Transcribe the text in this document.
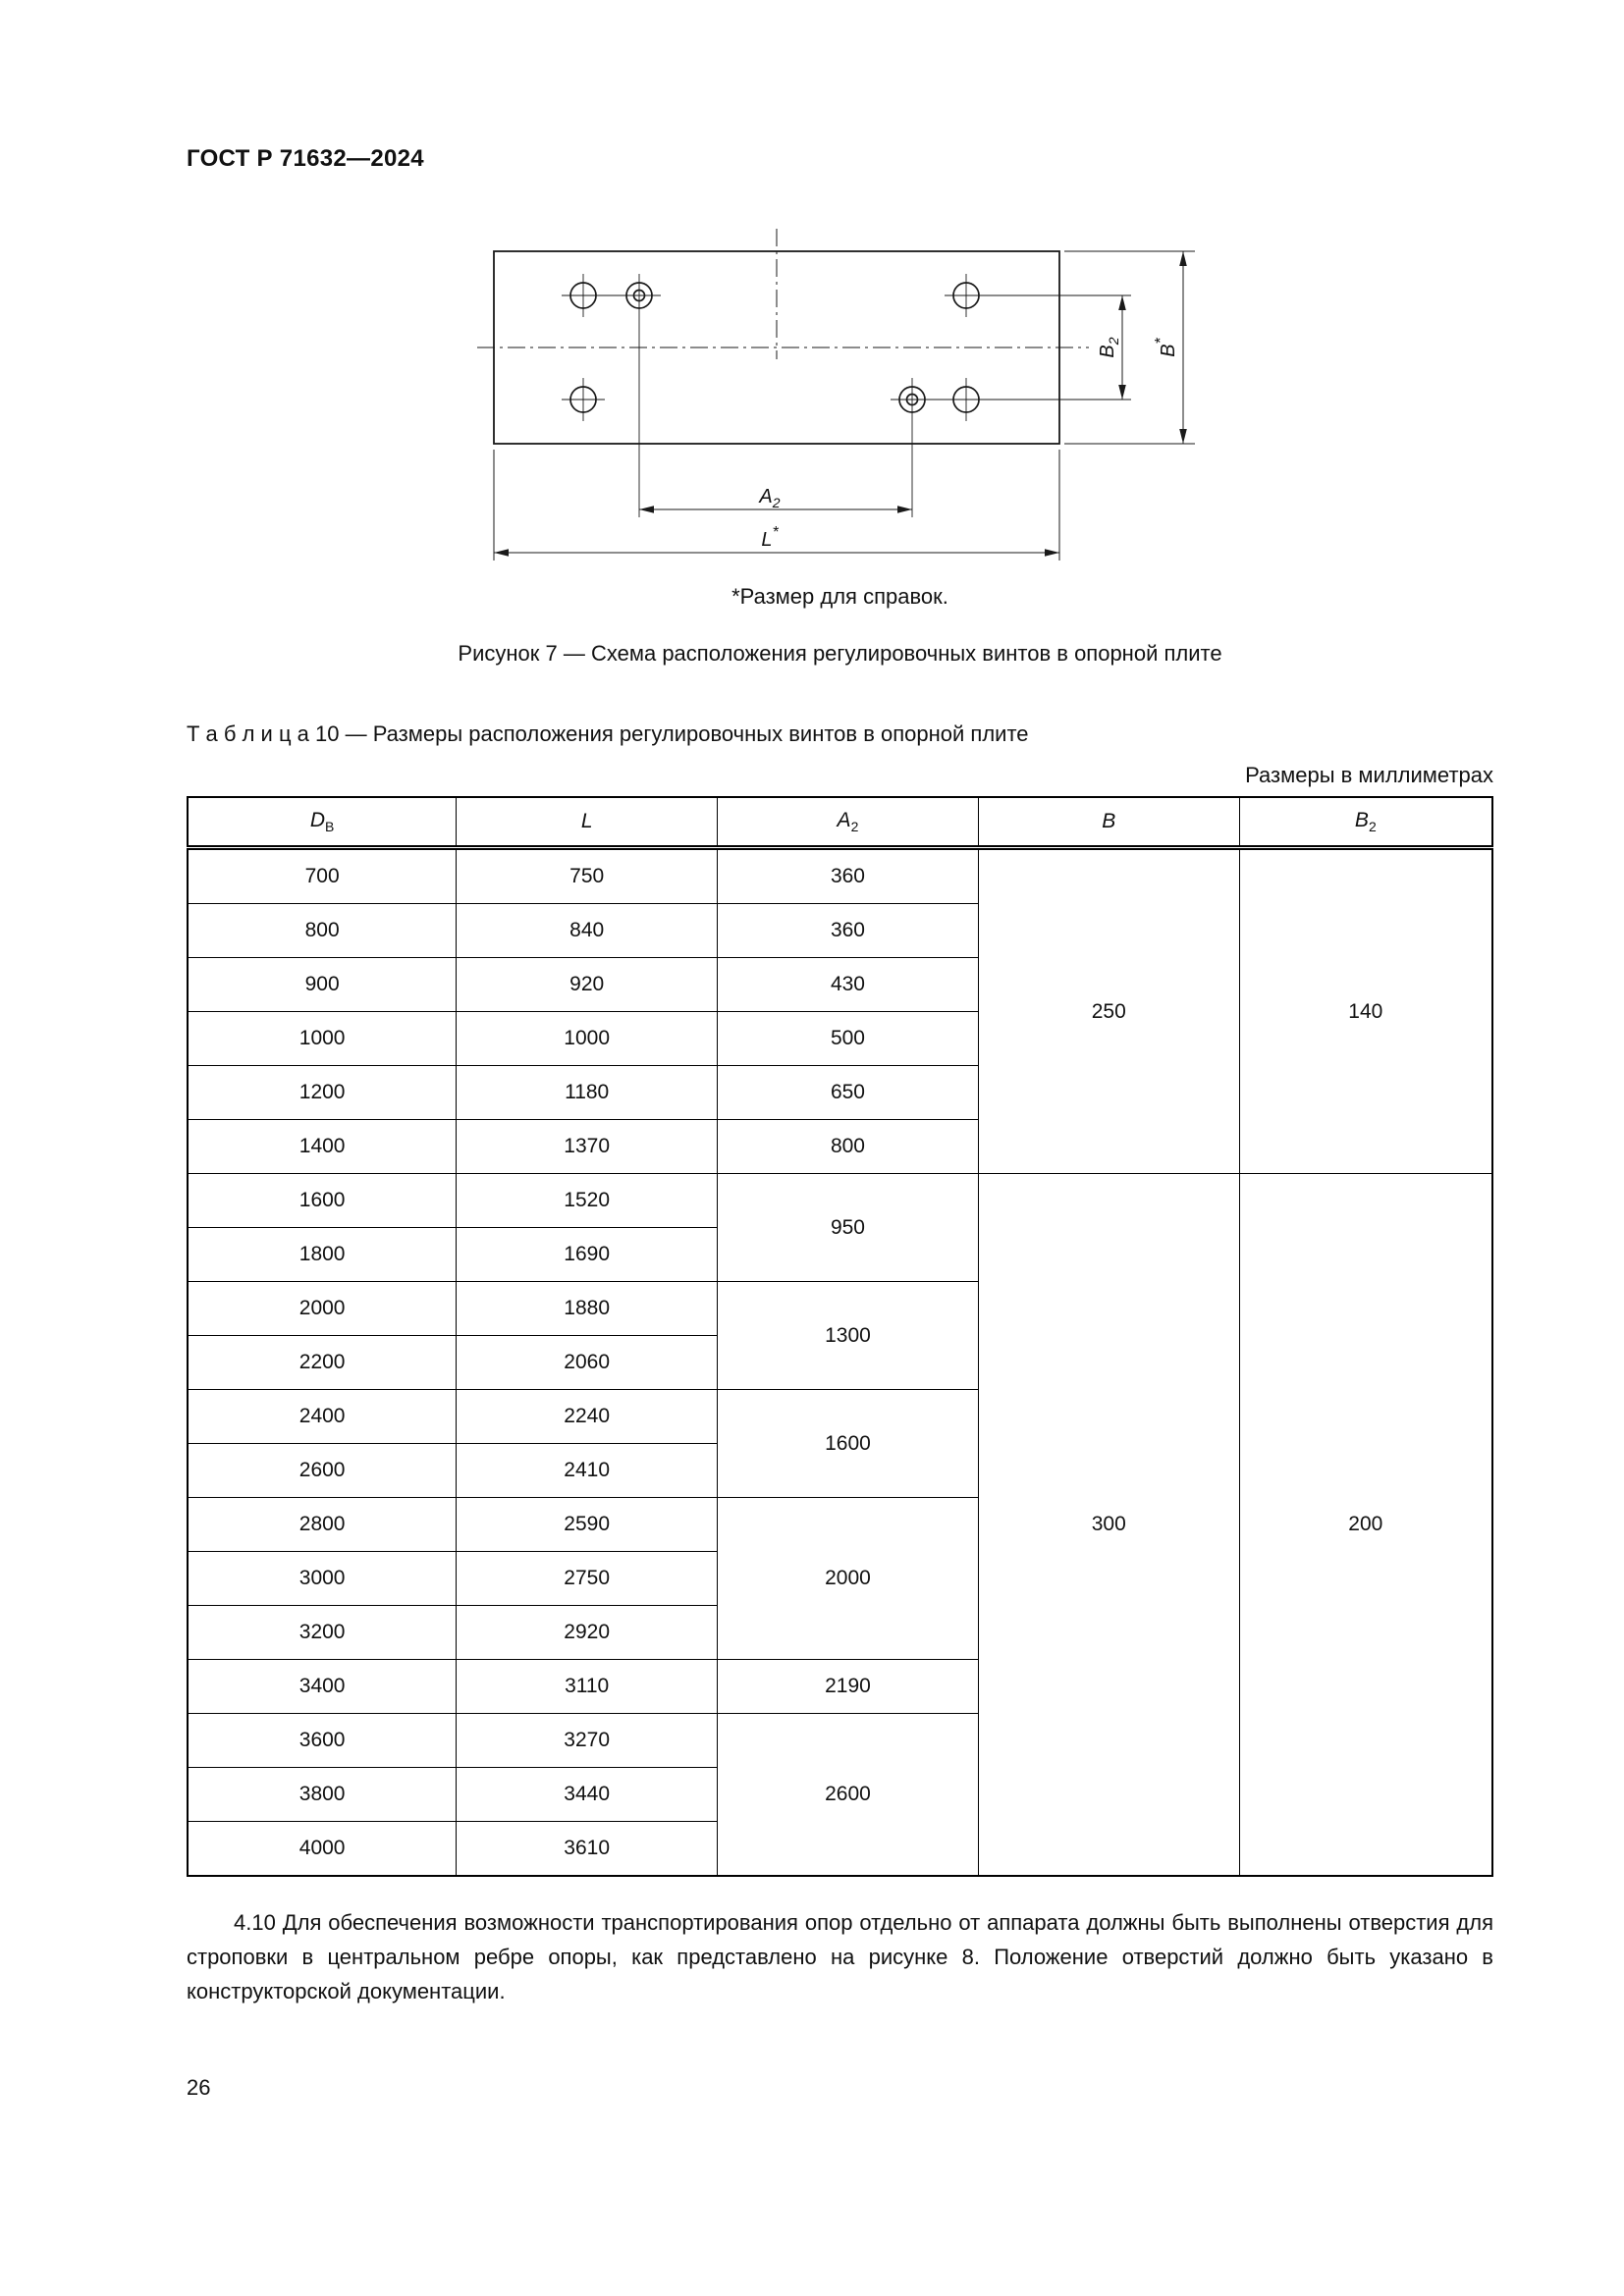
ГОСТ Р 71632—2024
$B_2$
B*
$A_2$
L*
*Размер для справок.
Рисунок 7 — Схема расположения регулировочных винтов в опорной плите
Т а б л и ц а 10 — Размеры расположения регулировочных винтов в опорной плите
Размеры в миллиметрах
$D_В$	L	$A_2$	B	$B_2$
700	750	360	250	140
800	840	360		
900	920	430		
1000	1000	500		
1200	1180	650		
1400	1370	800		
1600	1520	950	300	200
1800	1690			
2000	1880	1300		
2200	2060			
2400	2240	1600		
2600	2410			
2800	2590	2000		
3000	2750			
3200	2920			
3400	3110	2190		
3600	3270	2600		
3800	3440			
4000	3610			

4.10 Для обеспечения возможности транспортирования опор отдельно от аппарата должны быть выполнены отверстия для строповки в центральном ребре опоры, как представлено на рисунке 8. Положение отверстий должно быть указано в конструкторской документации.

26
